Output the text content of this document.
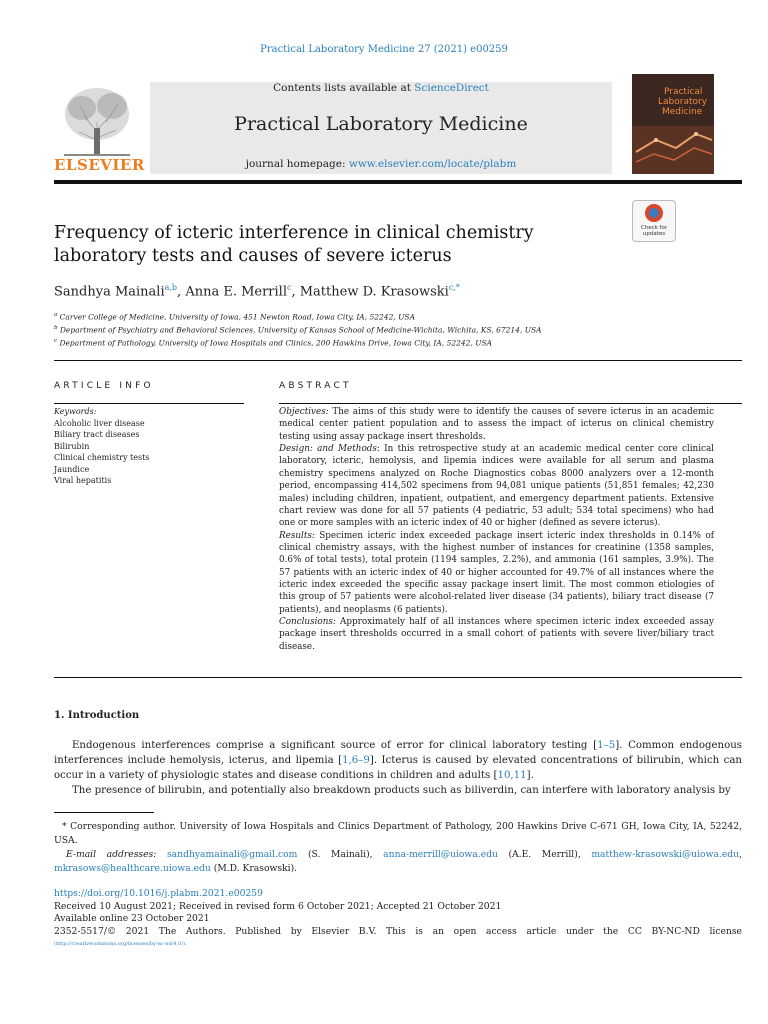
Practical Laboratory Medicine 27 (2021) e00259
ELSEVIER
Contents lists available at ScienceDirect
Practical Laboratory Medicine
journal homepage: www.elsevier.com/locate/plabm
Practical
Laboratory
Medicine
Check for updates
Frequency of icteric interference in clinical chemistry laboratory tests and causes of severe icterus
Sandhya Mainali$^{a,b}$, Anna E. Merrill$^c$, Matthew D. Krasowski$^{c,*}$
$^a$ Carver College of Medicine, University of Iowa, 451 Newton Road, Iowa City, IA, 52242, USA
$^b$ Department of Psychiatry and Behavioral Sciences, University of Kansas School of Medicine-Wichita, Wichita, KS, 67214, USA
$^c$ Department of Pathology, University of Iowa Hospitals and Clinics, 200 Hawkins Drive, Iowa City, IA, 52242, USA
ARTICLE INFO	ABSTRACT
Keywords:
Alcoholic liver disease
Biliary tract diseases
Bilirubin
Clinical chemistry tests
Jaundice
Viral hepatitis

Objectives: The aims of this study were to identify the causes of severe icterus in an academic medical center patient population and to assess the impact of icterus on clinical chemistry testing using assay package insert thresholds.

Design: and Methods: In this retrospective study at an academic medical center core clinical laboratory, icteric, hemolysis, and lipemia indices were available for all serum and plasma chemistry specimens analyzed on Roche Diagnostics cobas 8000 analyzers over a 12-month period, encompassing 414,502 specimens from 94,081 unique patients (51,851 females; 42,230 males) including children, inpatient, outpatient, and emergency department patients. Extensive chart review was done for all 57 patients (4 pediatric, 53 adult; 534 total specimens) who had one or more samples with an icteric index of 40 or higher (defined as severe icterus).

Results: Specimen icteric index exceeded package insert icteric index thresholds in 0.14% of clinical chemistry assays, with the highest number of instances for creatinine (1358 samples, 0.6% of total tests), total protein (1194 samples, 2.2%), and ammonia (161 samples, 3.9%). The 57 patients with an icteric index of 40 or higher accounted for 49.7% of all instances where the icteric index exceeded the specific assay package insert limit. The most common etiologies of this group of 57 patients were alcohol-related liver disease (34 patients), biliary tract disease (7 patients), and neoplasms (6 patients).

Conclusions: Approximately half of all instances where specimen icteric index exceeded assay package insert thresholds occurred in a small cohort of patients with severe liver/biliary tract disease.

1. Introduction

Endogenous interferences comprise a significant source of error for clinical laboratory testing [1–5]. Common endogenous interferences include hemolysis, icterus, and lipemia [1,6–9]. Icterus is caused by elevated concentrations of bilirubin, which can occur in a variety of physiologic states and disease conditions in children and adults [10,11].

The presence of bilirubin, and potentially also breakdown products such as biliverdin, can interfere with laboratory analysis by

* Corresponding author. University of Iowa Hospitals and Clinics Department of Pathology, 200 Hawkins Drive C-671 GH, Iowa City, IA, 52242, USA.

E-mail addresses: sandhyamainali@gmail.com (S. Mainali), anna-merrill@uiowa.edu (A.E. Merrill), matthew-krasowski@uiowa.edu, mkrasows@healthcare.uiowa.edu (M.D. Krasowski).

https://doi.org/10.1016/j.plabm.2021.e00259

Received 10 August 2021; Received in revised form 6 October 2021; Accepted 21 October 2021

Available online 23 October 2021

2352-5517/© 2021 The Authors. Published by Elsevier B.V. This is an open access article under the CC BY-NC-ND license

(http://creativecommons.org/licenses/by-nc-nd/4.0/).
